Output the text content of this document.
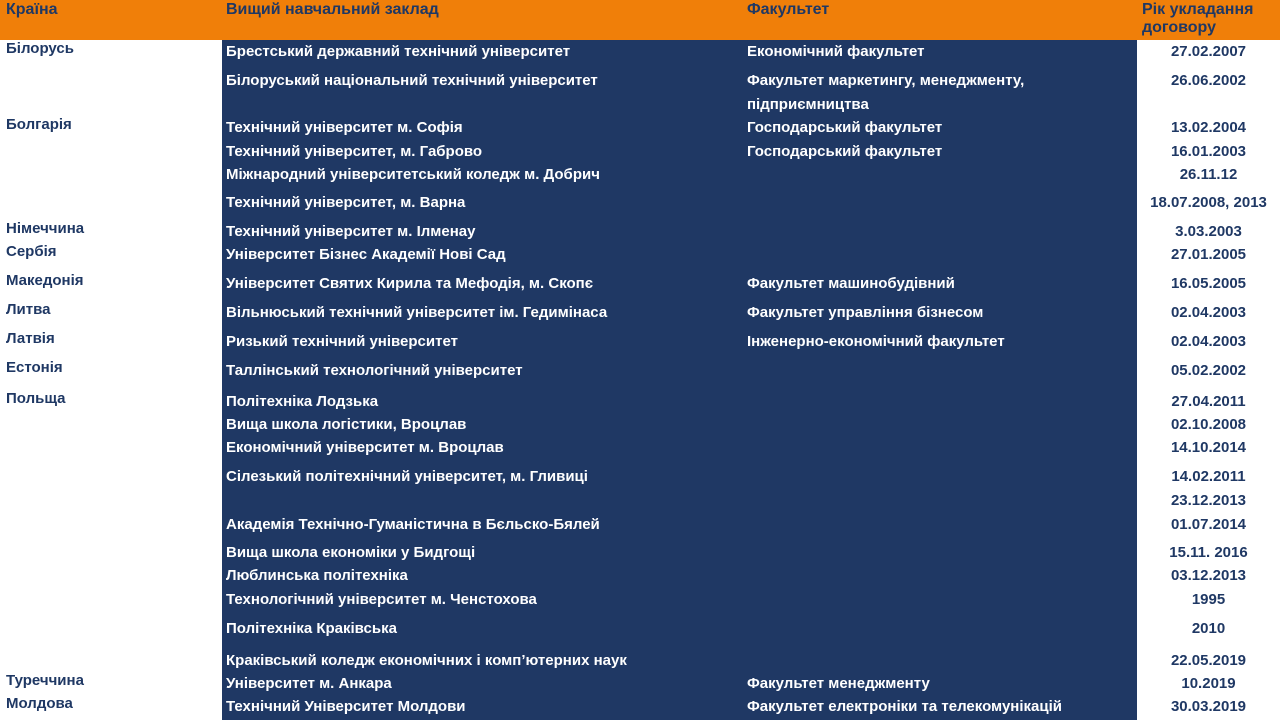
Країна	Вищий навчальний заклад	Факультет	Рік укладання
договору
Білорусь	Брестський державний технічний університет	Економічний факультет	27.02.2007
Білоруський національний технічний університет	Факультет маркетингу, менеджменту,	26.06.2002
підприємництва
Болгарія	Технічний університет м. Софія	Господарський факультет	13.02.2004
Технічний університет, м. Габрово	Господарський факультет	16.01.2003
Міжнародний університетський коледж м. Добрич	26.11.12
Технічний університет, м. Варна	18.07.2008, 2013
Німеччина	Технічний університет м. Ілменау	3.03.2003
Сербія	Університет Бізнес Академії Нові Сад	27.01.2005
Македонія	Університет Святих Кирила та Мефодія, м. Скопє	Факультет машинобудівний	16.05.2005
Литва	Вільнюський технічний університет ім. Гедимінаса	Факультет управління бізнесом	02.04.2003
Латвія	Ризький технічний університет	Інженерно-економічний факультет	02.04.2003
Естонія	Таллінський технологічний університет	05.02.2002
Польща	Політехніка Лодзька	27.04.2011
Вища школа логістики, Вроцлав	02.10.2008
Економічний університет м. Вроцлав	14.10.2014
Сілезький політехнічний університет, м. Гливиці	14.02.2011
23.12.2013
Академія Технічно-Гуманістична в Бєльско-Бялей	01.07.2014
Вища школа економіки у Бидгощі	15.11. 2016
Люблинська політехніка	03.12.2013
Технологічний університет м. Ченстохова	1995
Політехніка Краківська	2010
Краківський коледж економічних і комп’ютерних наук	22.05.2019
Туреччина	Університет м. Анкара	Факультет менеджменту	10.2019
Молдова	Технічний Університет Молдови	Факультет електроніки та телекомунікацій	30.03.2019
